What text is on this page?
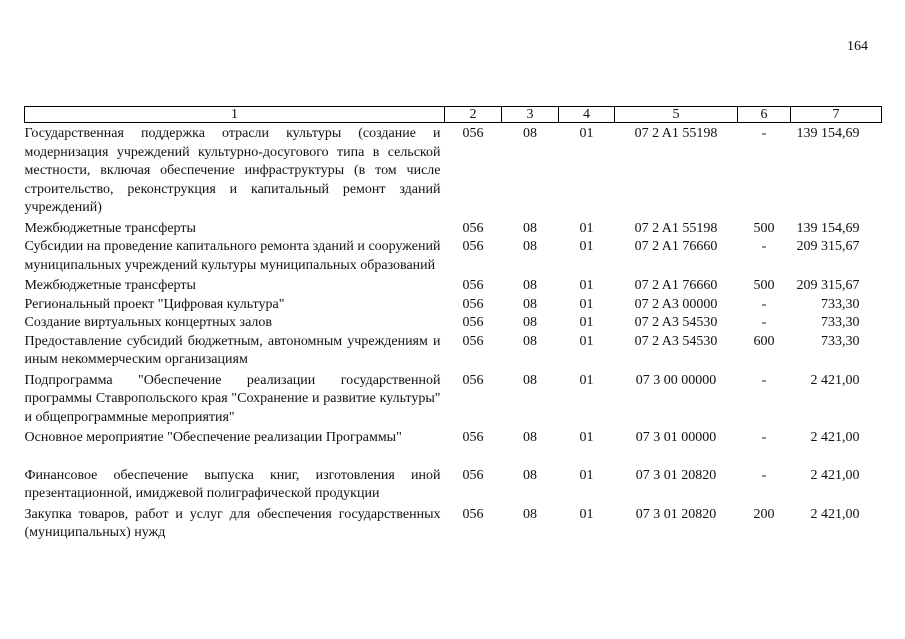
164
1	2	3	4	5	6	7
Государственная поддержка отрасли культуры (создание и модернизация учреждений культурно-досугового типа в сельской местности, включая обеспечение инфраструктуры (в том числе строительство, реконструкция и капитальный ремонт зданий учреждений)	056	08	01	07 2 A1 55198	-	139 154,69
Межбюджетные трансферты	056	08	01	07 2 A1 55198	500	139 154,69
Субсидии на проведение капитального ремонта зданий и сооружений муниципальных учреждений культуры муниципальных образований	056	08	01	07 2 A1 76660	-	209 315,67
Межбюджетные трансферты	056	08	01	07 2 A1 76660	500	209 315,67
Региональный проект "Цифровая культура"	056	08	01	07 2 A3 00000	-	733,30
Создание виртуальных концертных залов	056	08	01	07 2 A3 54530	-	733,30
Предоставление субсидий бюджетным, автономным учреждениям и иным некоммерческим организациям	056	08	01	07 2 A3 54530	600	733,30
Подпрограмма "Обеспечение реализации государственной программы Ставропольского края "Сохранение и развитие культуры" и общепрограммные мероприятия"	056	08	01	07 3 00 00000	-	2 421,00
Основное мероприятие "Обеспечение реализации Программы"	056	08	01	07 3 01 00000	-	2 421,00
Финансовое обеспечение выпуска книг, изготовления иной презентационной, имиджевой полиграфической продукции	056	08	01	07 3 01 20820	-	2 421,00
Закупка товаров, работ и услуг для обеспечения государственных (муниципальных) нужд	056	08	01	07 3 01 20820	200	2 421,00
